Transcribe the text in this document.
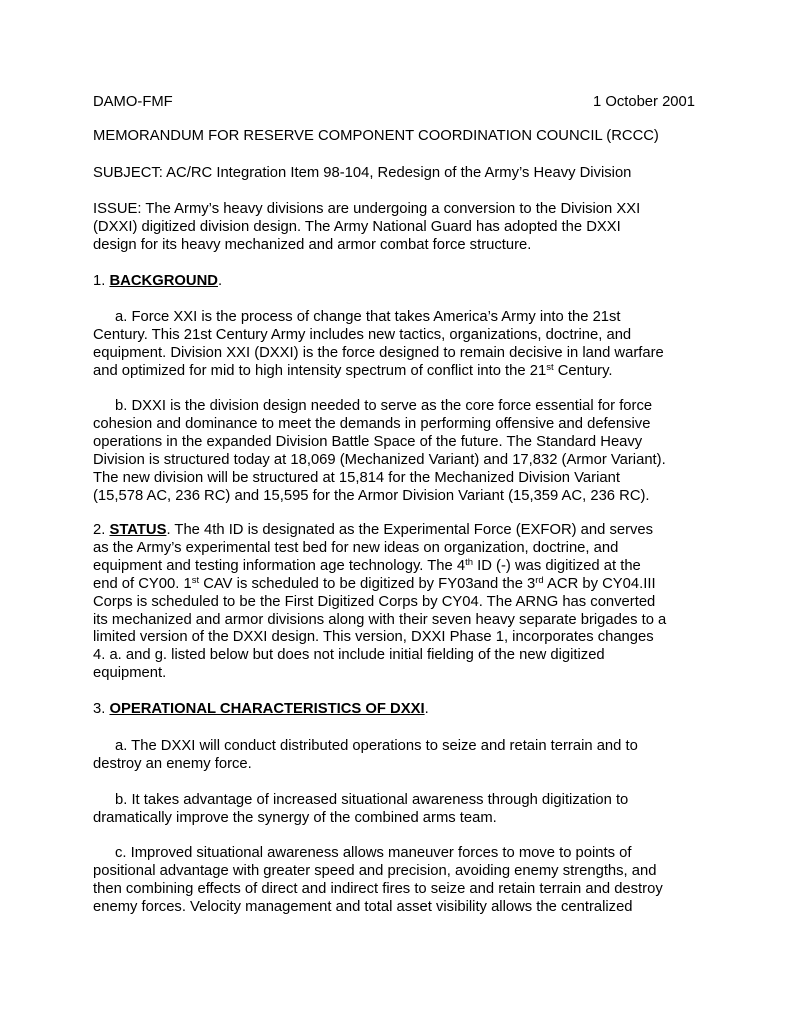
DAMO-FMF	1 October 2001
MEMORANDUM FOR RESERVE COMPONENT COORDINATION COUNCIL (RCCC)
SUBJECT: AC/RC Integration Item 98-104, Redesign of the Army’s Heavy Division
ISSUE: The Army’s heavy divisions are undergoing a conversion to the Division XXI
(DXXI) digitized division design. The Army National Guard has adopted the DXXI
design for its heavy mechanized and armor combat force structure.
1. BACKGROUND.
a. Force XXI is the process of change that takes America’s Army into the 21st
Century. This 21st Century Army includes new tactics, organizations, doctrine, and
equipment. Division XXI (DXXI) is the force designed to remain decisive in land warfare
and optimized for mid to high intensity spectrum of conflict into the 21st Century.
b. DXXI is the division design needed to serve as the core force essential for force
cohesion and dominance to meet the demands in performing offensive and defensive
operations in the expanded Division Battle Space of the future. The Standard Heavy
Division is structured today at 18,069 (Mechanized Variant) and 17,832 (Armor Variant).
The new division will be structured at 15,814 for the Mechanized Division Variant
(15,578 AC, 236 RC) and 15,595 for the Armor Division Variant (15,359 AC, 236 RC).
2. STATUS. The 4th ID is designated as the Experimental Force (EXFOR) and serves
as the Army’s experimental test bed for new ideas on organization, doctrine, and
equipment and testing information age technology. The 4th ID (-) was digitized at the
end of CY00. 1st CAV is scheduled to be digitized by FY03and the 3rd ACR by CY04.III
Corps is scheduled to be the First Digitized Corps by CY04. The ARNG has converted
its mechanized and armor divisions along with their seven heavy separate brigades to a
limited version of the DXXI design. This version, DXXI Phase 1, incorporates changes
4. a. and g. listed below but does not include initial fielding of the new digitized
equipment.
3. OPERATIONAL CHARACTERISTICS OF DXXI.
a. The DXXI will conduct distributed operations to seize and retain terrain and to
destroy an enemy force.
b. It takes advantage of increased situational awareness through digitization to
dramatically improve the synergy of the combined arms team.
c. Improved situational awareness allows maneuver forces to move to points of
positional advantage with greater speed and precision, avoiding enemy strengths, and
then combining effects of direct and indirect fires to seize and retain terrain and destroy
enemy forces. Velocity management and total asset visibility allows the centralized
